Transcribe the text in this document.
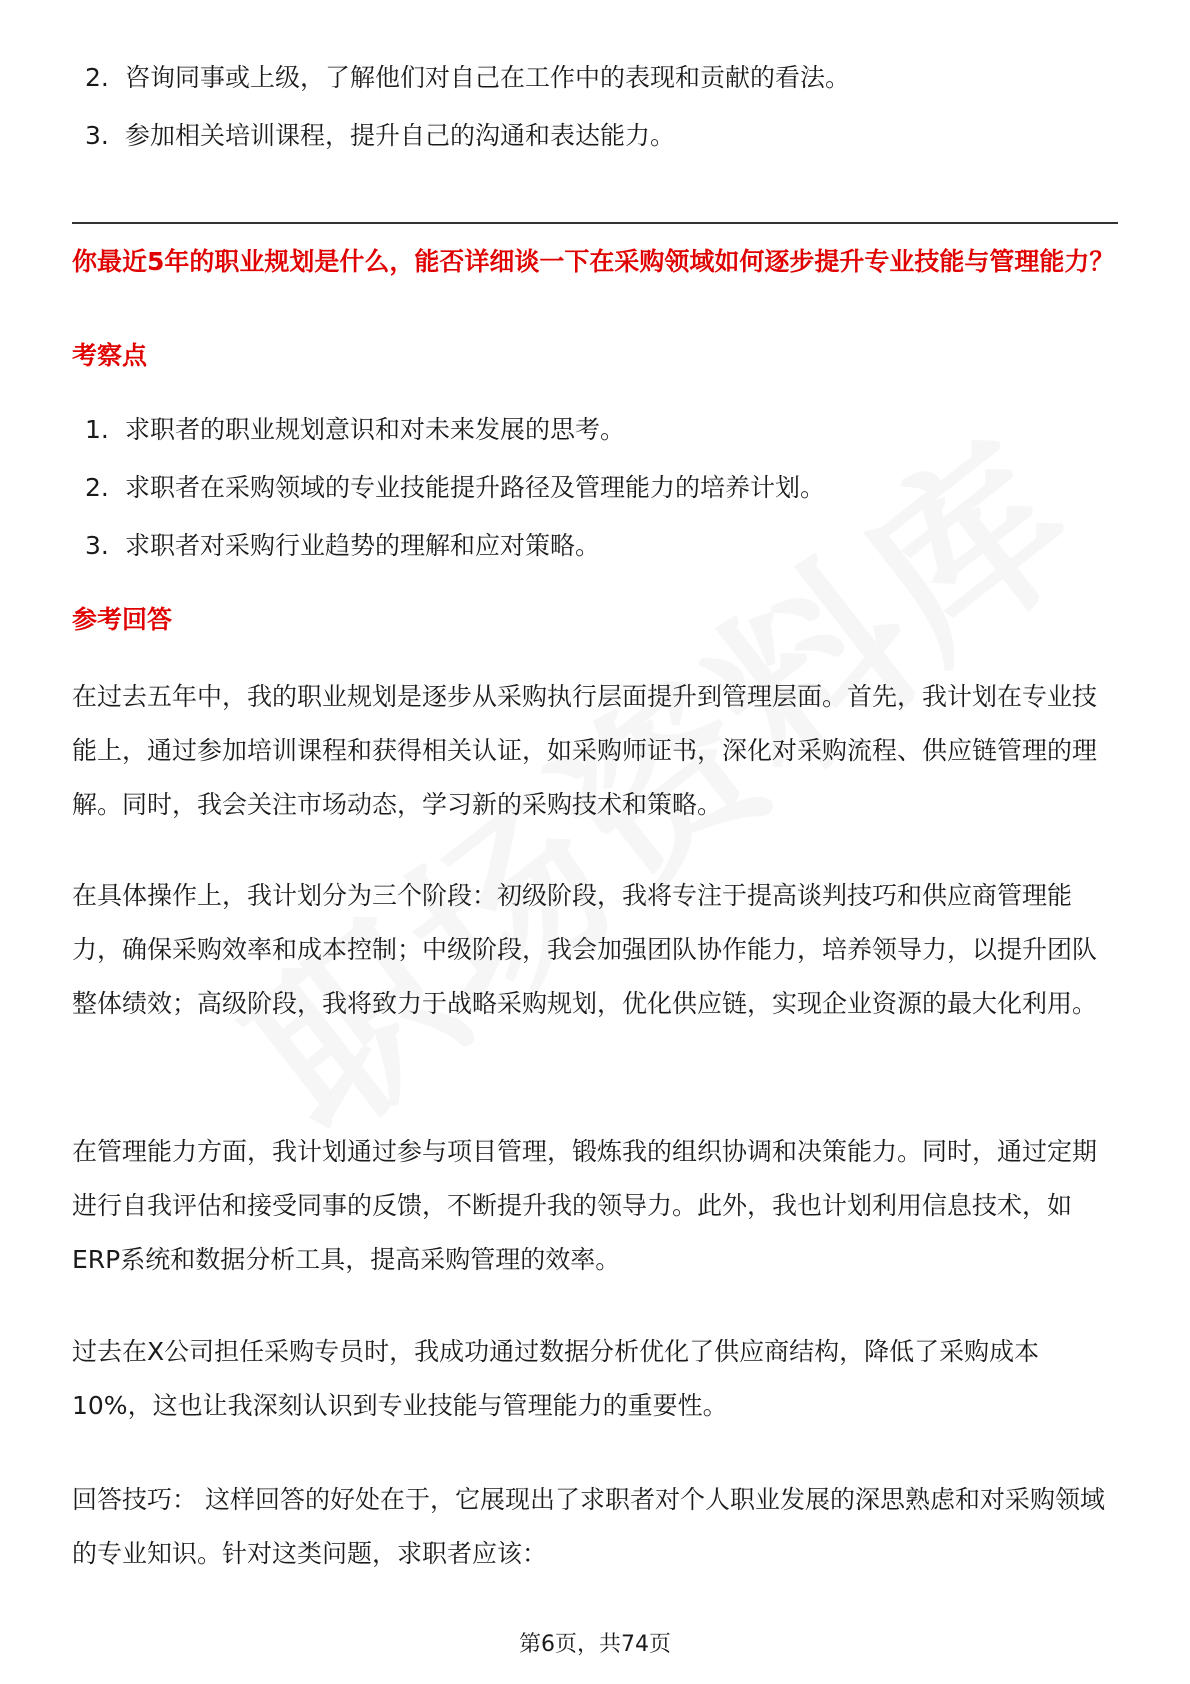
2. 咨询同事或上级，了解他们对自己在工作中的表现和贡献的看法。
3. 参加相关培训课程，提升自己的沟通和表达能力。

你最近5年的职业规划是什么，能否详细谈一下在采购领域如何逐步提升专业技能与管理能力？

考察点

1. 求职者的职业规划意识和对未来发展的思考。
2. 求职者在采购领域的专业技能提升路径及管理能力的培养计划。
3. 求职者对采购行业趋势的理解和应对策略。

参考回答

在过去五年中，我的职业规划是逐步从采购执行层面提升到管理层面。首先，我计划在专业技能上，通过参加培训课程和获得相关认证，如采购师证书，深化对采购流程、供应链管理的理解。同时，我会关注市场动态，学习新的采购技术和策略。

在具体操作上，我计划分为三个阶段：初级阶段，我将专注于提高谈判技巧和供应商管理能力，确保采购效率和成本控制；中级阶段，我会加强团队协作能力，培养领导力，以提升团队整体绩效；高级阶段，我将致力于战略采购规划，优化供应链，实现企业资源的最大化利用。

在管理能力方面，我计划通过参与项目管理，锻炼我的组织协调和决策能力。同时，通过定期进行自我评估和接受同事的反馈，不断提升我的领导力。此外，我也计划利用信息技术，如ERP系统和数据分析工具，提高采购管理的效率。

过去在X公司担任采购专员时，我成功通过数据分析优化了供应商结构，降低了采购成本10%，这也让我深刻认识到专业技能与管理能力的重要性。

回答技巧： 这样回答的好处在于，它展现出了求职者对个人职业发展的深思熟虑和对采购领域的专业知识。针对这类问题，求职者应该：

第6页，共74页
